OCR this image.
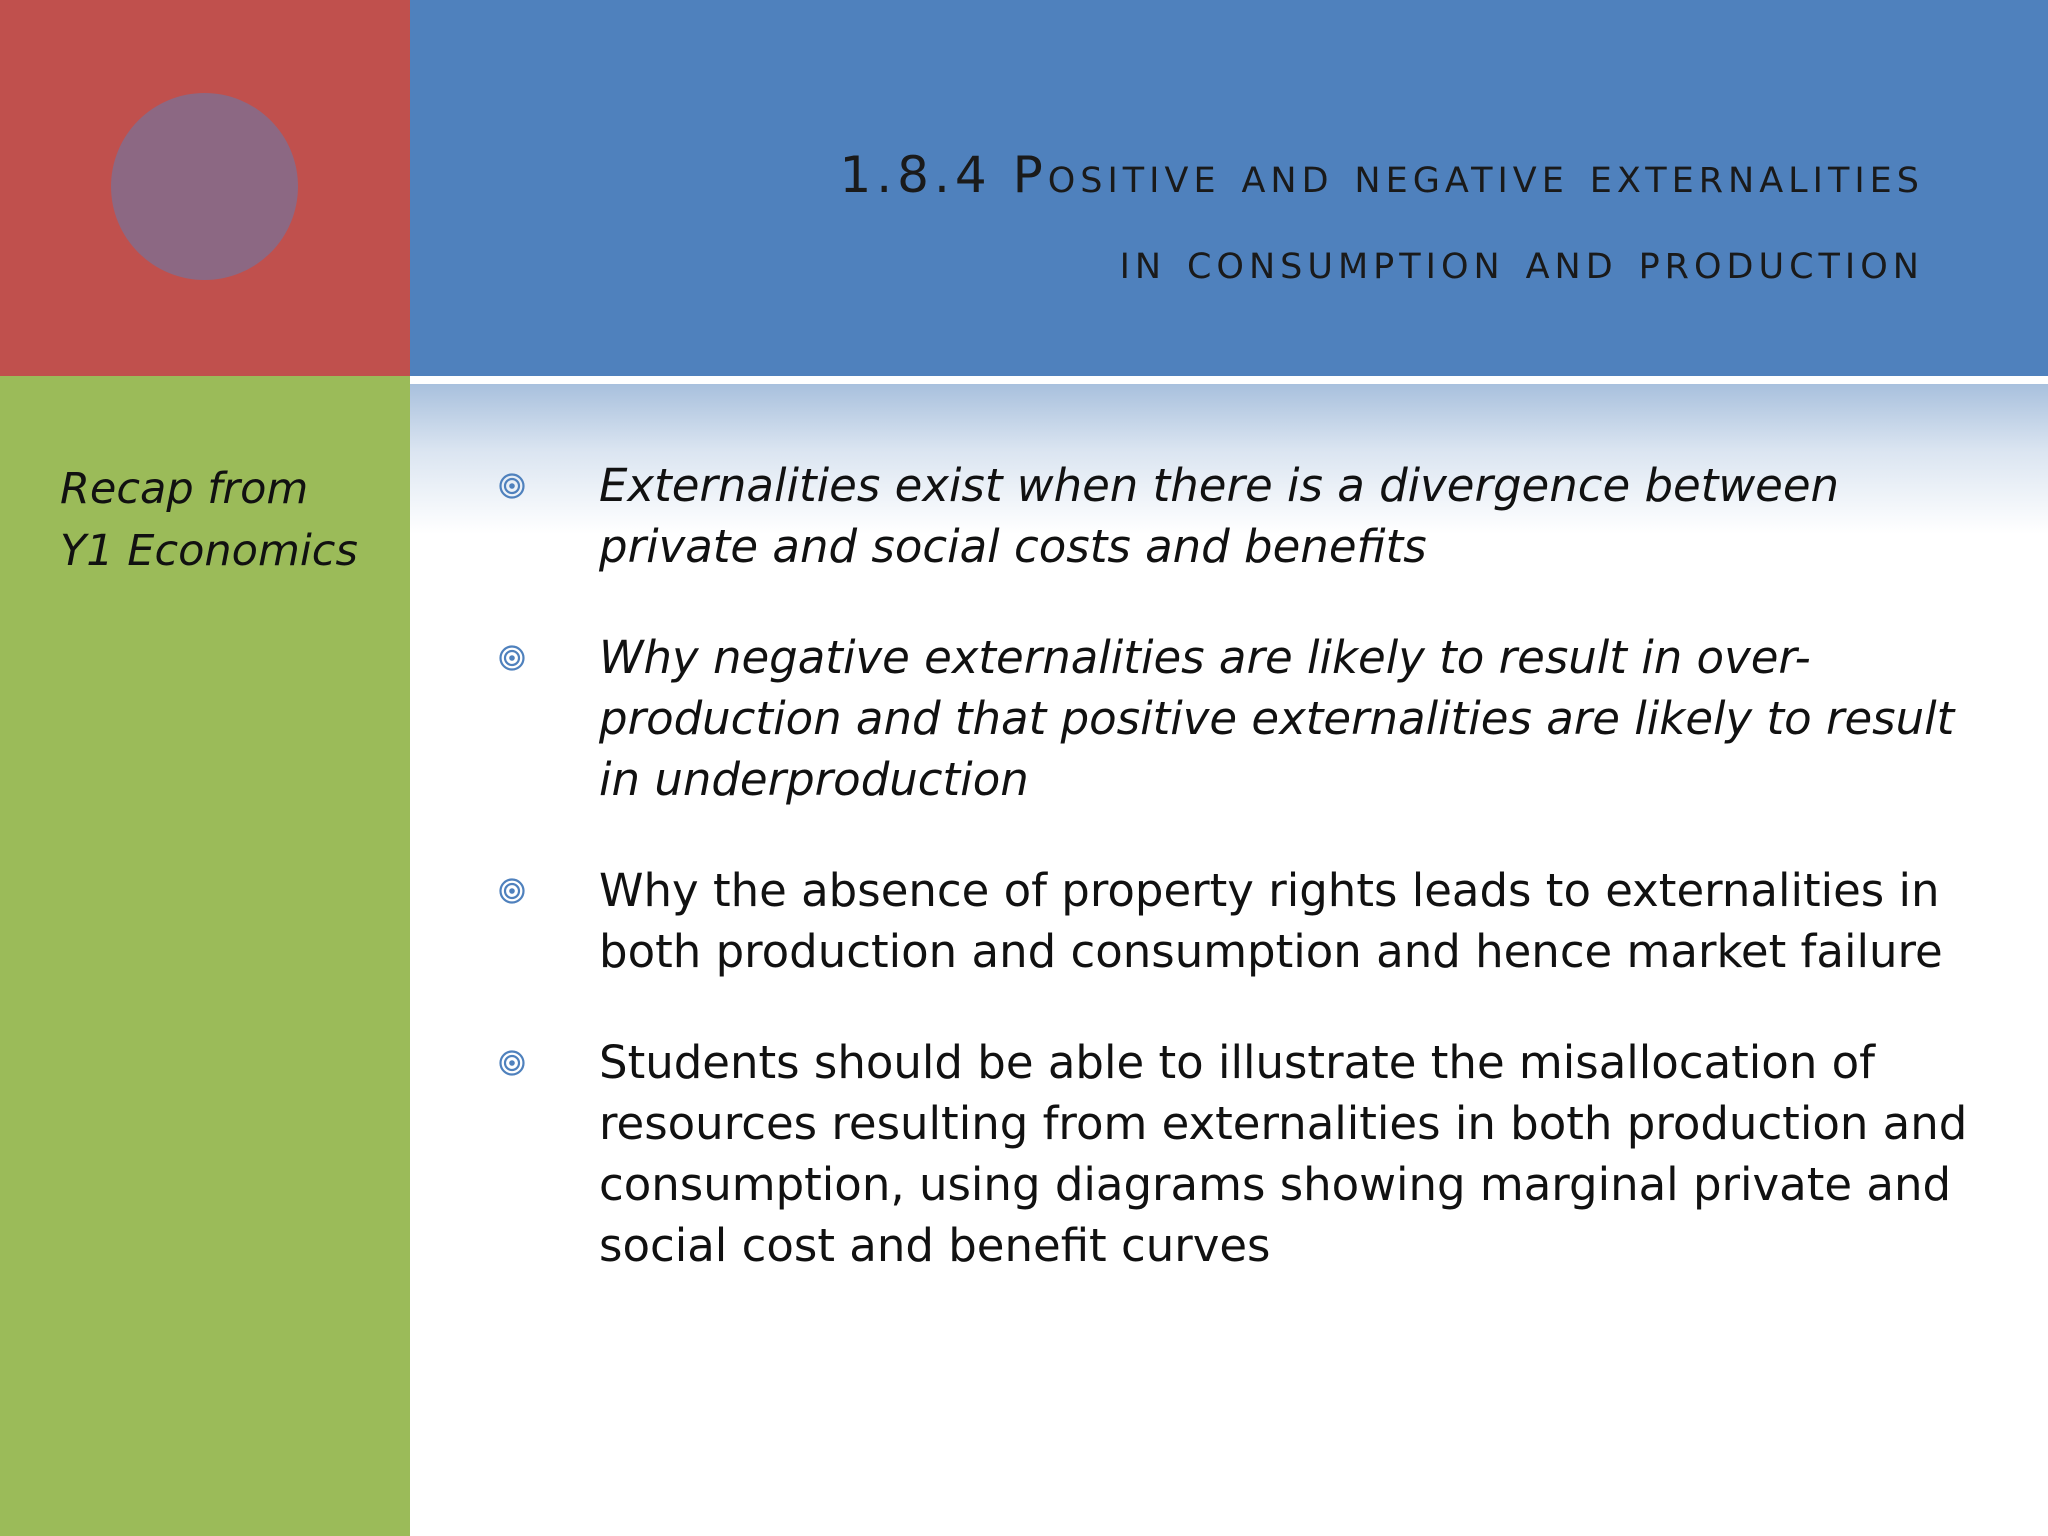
1.8.4 Positive and negative externalities
in consumption and production
Recap from
Y1 Economics
Externalities exist when there is a divergence between private and social costs and benefits
Why negative externalities are likely to result in over-production and that positive externalities are likely to result in underproduction
Why the absence of property rights leads to externalities in both production and consumption and hence market failure
Students should be able to illustrate the misallocation of resources resulting from externalities in both production and consumption, using diagrams showing marginal private and social cost and benefit curves
